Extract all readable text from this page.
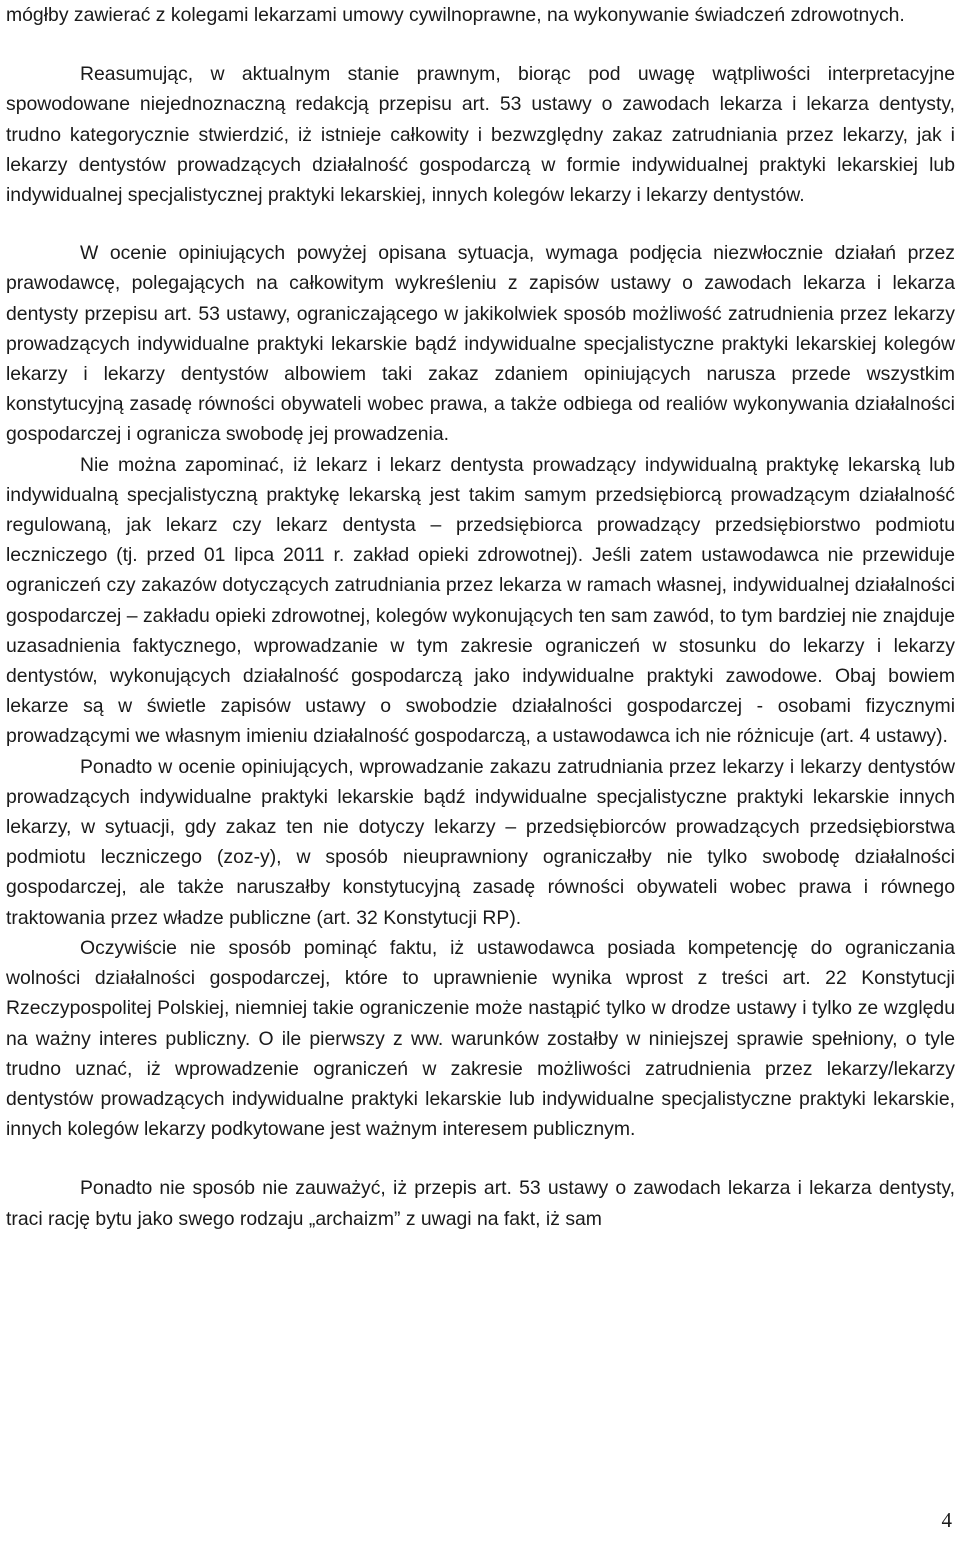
mógłby zawierać z kolegami lekarzami umowy cywilnoprawne, na wykonywanie świadczeń zdrowotnych.

Reasumując, w aktualnym stanie prawnym, biorąc pod uwagę wątpliwości interpretacyjne spowodowane niejednoznaczną redakcją przepisu art. 53 ustawy o zawodach lekarza i lekarza dentysty, trudno kategorycznie stwierdzić, iż istnieje całkowity i bezwzględny zakaz zatrudniania przez lekarzy, jak i lekarzy dentystów prowadzących działalność gospodarczą w formie indywidualnej praktyki lekarskiej lub indywidualnej specjalistycznej praktyki lekarskiej, innych kolegów lekarzy i lekarzy dentystów.

W ocenie opiniujących powyżej opisana sytuacja, wymaga podjęcia niezwłocznie działań przez prawodawcę, polegających na całkowitym wykreśleniu z zapisów ustawy o zawodach lekarza i lekarza dentysty przepisu art. 53 ustawy, ograniczającego w jakikolwiek sposób możliwość zatrudnienia przez lekarzy prowadzących indywidualne praktyki lekarskie bądź indywidualne specjalistyczne praktyki lekarskiej kolegów lekarzy i lekarzy dentystów albowiem taki zakaz zdaniem opiniujących narusza przede wszystkim konstytucyjną zasadę równości obywateli wobec prawa, a także odbiega od realiów wykonywania działalności gospodarczej i ogranicza swobodę jej prowadzenia.

Nie można zapominać, iż lekarz i lekarz dentysta prowadzący indywidualną praktykę lekarską lub indywidualną specjalistyczną praktykę lekarską jest takim samym przedsiębiorcą prowadzącym działalność regulowaną, jak lekarz czy lekarz dentysta – przedsiębiorca prowadzący przedsiębiorstwo podmiotu leczniczego (tj. przed 01 lipca 2011 r. zakład opieki zdrowotnej). Jeśli zatem ustawodawca nie przewiduje ograniczeń czy zakazów dotyczących zatrudniania przez lekarza w ramach własnej, indywidualnej działalności gospodarczej – zakładu opieki zdrowotnej, kolegów wykonujących ten sam zawód, to tym bardziej nie znajduje uzasadnienia faktycznego, wprowadzanie w tym zakresie ograniczeń w stosunku do lekarzy i lekarzy dentystów, wykonujących działalność gospodarczą jako indywidualne praktyki zawodowe. Obaj bowiem lekarze są w świetle zapisów ustawy o swobodzie działalności gospodarczej - osobami fizycznymi prowadzącymi we własnym imieniu działalność gospodarczą, a ustawodawca ich nie różnicuje (art. 4 ustawy).

Ponadto w ocenie opiniujących, wprowadzanie zakazu zatrudniania przez lekarzy i lekarzy dentystów prowadzących indywidualne praktyki lekarskie bądź indywidualne specjalistyczne praktyki lekarskie innych lekarzy, w sytuacji, gdy zakaz ten nie dotyczy lekarzy – przedsiębiorców prowadzących przedsiębiorstwa podmiotu leczniczego (zoz-y), w sposób nieuprawniony ograniczałby nie tylko swobodę działalności gospodarczej, ale także naruszałby konstytucyjną zasadę równości obywateli wobec prawa i równego traktowania przez władze publiczne (art. 32 Konstytucji RP).

Oczywiście nie sposób pominąć faktu, iż ustawodawca posiada kompetencję do ograniczania wolności działalności gospodarczej, które to uprawnienie wynika wprost z treści art. 22 Konstytucji Rzeczypospolitej Polskiej, niemniej takie ograniczenie może nastąpić tylko w drodze ustawy i tylko ze względu na ważny interes publiczny. O ile pierwszy z ww. warunków zostałby w niniejszej sprawie spełniony, o tyle trudno uznać, iż wprowadzenie ograniczeń w zakresie możliwości zatrudnienia przez lekarzy/lekarzy dentystów prowadzących indywidualne praktyki lekarskie lub indywidualne specjalistyczne praktyki lekarskie, innych kolegów lekarzy podkytowane jest ważnym interesem publicznym.

Ponadto nie sposób nie zauważyć, iż przepis art. 53 ustawy o zawodach lekarza i lekarza dentysty, traci rację bytu jako swego rodzaju „archaizm” z uwagi na fakt, iż sam

4
